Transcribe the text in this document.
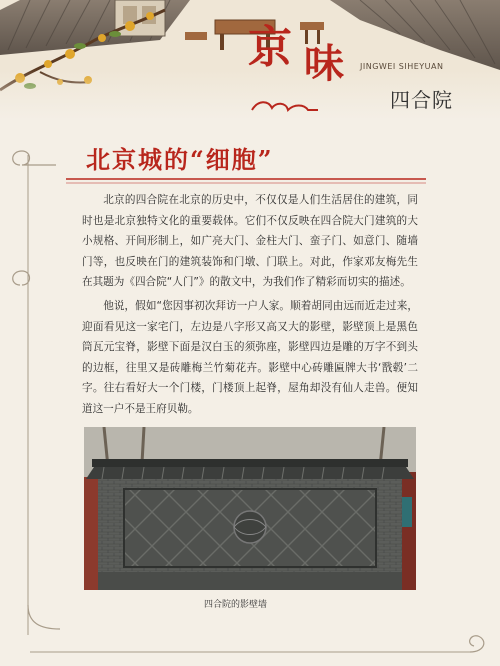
京 味 JINGWEI SIHEYUAN
四合院
北京城的“细胞”

北京的四合院在北京的历史中，不仅仅是人们生活居住的建筑，同时也是北京独特文化的重要载体。它们不仅反映在四合院大门建筑的大小规格、开间形制上，如广亮大门、金柱大门、蛮子门、如意门、随墙门等，也反映在门的建筑装饰和门墩、门联上。对此，作家邓友梅先生在其题为《四合院“人门”》的散文中，为我们作了精彩而切实的描述。

他说，假如“您因事初次拜访一户人家。顺着胡同由远而近走过来，迎面看见这一家宅门，左边是八字形又高又大的影壁，影壁顶上是黑色筒瓦元宝脊，影壁下面是汉白玉的须弥座，影壁四边是雕的万字不到头的边框，往里又是砖雕梅兰竹菊花卉。影壁中心砖雕匾牌大书‘戬毂’二字。往右看好大一个门楼，门楼顶上起脊，屋角却没有仙人走兽。便知道这一户不是王府贝勒。

四合院的影壁墙
